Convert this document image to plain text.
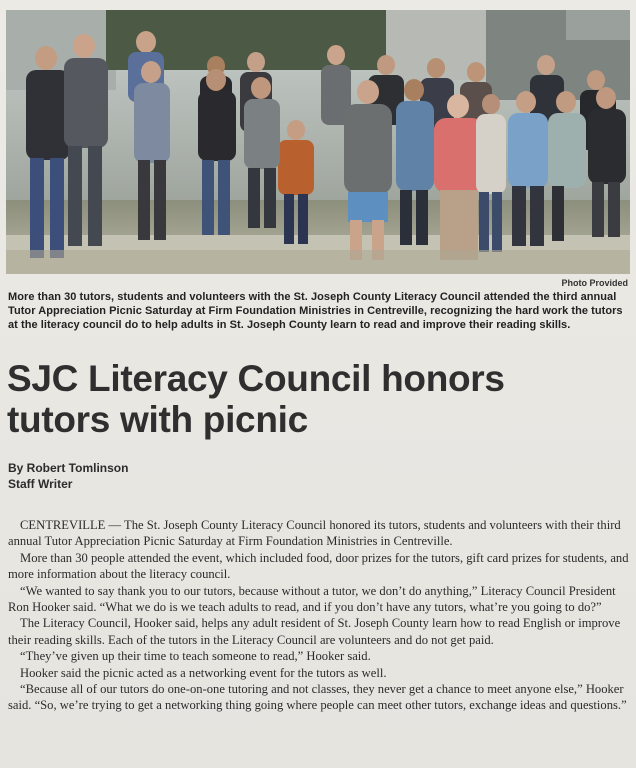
Photo Provided
More than 30 tutors, students and volunteers with the St. Joseph County Literacy Council attended the third annual Tutor Appreciation Picnic Saturday at Firm Foundation Ministries in Centreville, recognizing the hard work the tutors at the literacy council do to help adults in St. Joseph County learn to read and improve their reading skills.
SJC Literacy Council honors tutors with picnic
By Robert Tomlinson
Staff Writer

CENTREVILLE — The St. Joseph County Literacy Council honored its tutors, students and volunteers with their third annual Tutor Appreciation Picnic Saturday at Firm Foundation Ministries in Centreville.

More than 30 people attended the event, which included food, door prizes for the tutors, gift card prizes for students, and more information about the literacy council.

“We wanted to say thank you to our tutors, because without a tutor, we don’t do anything,” Literacy Council President Ron Hooker said. “What we do is we teach adults to read, and if you don’t have any tutors, what’re you going to do?”

The Literacy Council, Hooker said, helps any adult resident of St. Joseph County learn how to read English or improve their reading skills. Each of the tutors in the Literacy Council are volunteers and do not get paid.

“They’ve given up their time to teach someone to read,” Hooker said.

Hooker said the picnic acted as a networking event for the tutors as well.

“Because all of our tutors do one-on-one tutoring and not classes, they never get a chance to meet anyone else,” Hooker said. “So, we’re trying to get a networking thing going where people can meet other tutors, exchange ideas and questions.”
